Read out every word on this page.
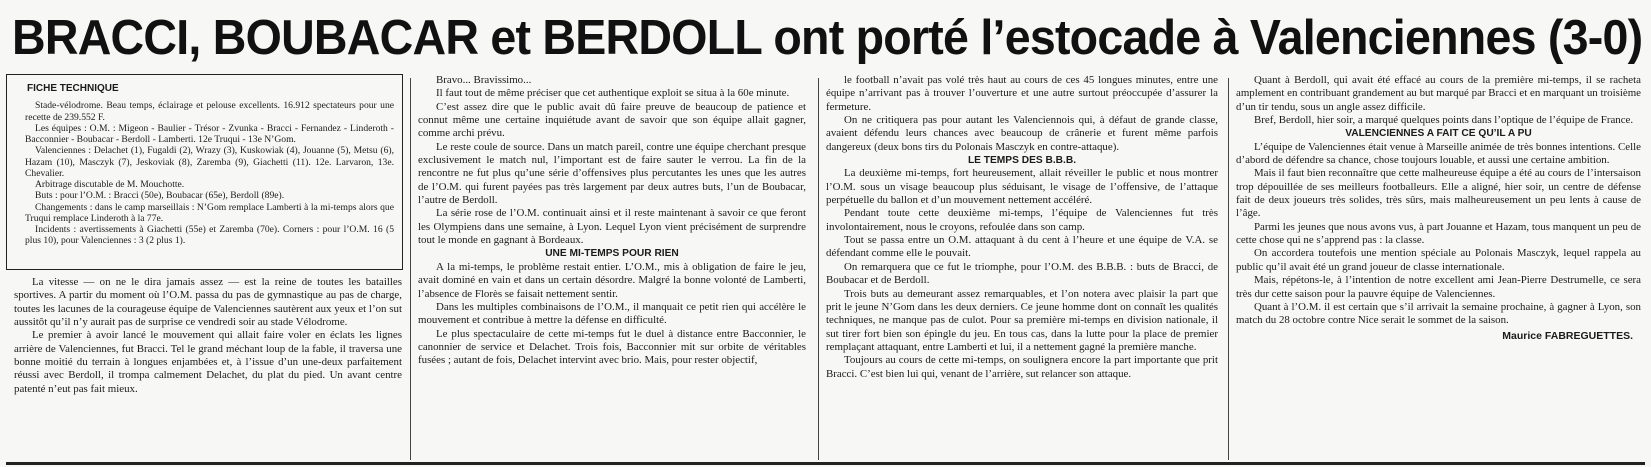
BRACCI, BOUBACAR et BERDOLL ont porté l’estocade à Valenciennes (3-0)
FICHE TECHNIQUE

Stade-vélodrome. Beau temps, éclairage et pelouse excellents. 16.912 spectateurs pour une recette de 239.552 F.

Les équipes : O.M. : Migeon - Baulier - Trésor - Zvunka - Bracci - Fernandez - Linderoth - Bacconnier - Boubacar - Berdoll - Lamberti. 12e Truqui - 13e N’Gom.

Valenciennes : Delachet (1), Fugaldi (2), Wrazy (3), Kuskowiak (4), Jouanne (5), Metsu (6), Hazam (10), Masczyk (7), Jeskoviak (8), Zaremba (9), Giachetti (11). 12e. Larvaron, 13e. Chevalier.

Arbitrage discutable de M. Mouchotte.

Buts : pour l’O.M. : Bracci (50e), Boubacar (65e), Berdoll (89e).

Changements : dans le camp marseillais : N’Gom remplace Lamberti à la mi-temps alors que Truqui remplace Linderoth à la 77e.

Incidents : avertissements à Giachetti (55e) et Zaremba (70e). Corners : pour l’O.M. 16 (5 plus 10), pour Valenciennes : 3 (2 plus 1).

La vitesse — on ne le dira jamais assez — est la reine de toutes les batailles sportives. A partir du moment où l’O.M. passa du pas de gymnastique au pas de charge, toutes les lacunes de la courageuse équipe de Valenciennes sautèrent aux yeux et l’on sut aussitôt qu’il n’y aurait pas de surprise ce vendredi soir au stade Vélodrome.

Le premier à avoir lancé le mouvement qui allait faire voler en éclats les lignes arrière de Valenciennes, fut Bracci. Tel le grand méchant loup de la fable, il traversa une bonne moitié du terrain à longues enjambées et, à l’issue d’un une-deux parfaitement réussi avec Berdoll, il trompa calmement Delachet, du plat du pied. Un avant centre patenté n’eut pas fait mieux.

Bravo... Bravissimo...

Il faut tout de même préciser que cet authentique exploit se situa à la 60e minute.

C’est assez dire que le public avait dû faire preuve de beaucoup de patience et connut même une certaine inquiétude avant de savoir que son équipe allait gagner, comme archi prévu.

Le reste coule de source. Dans un match pareil, contre une équipe cherchant presque exclusivement le match nul, l’important est de faire sauter le verrou. La fin de la rencontre ne fut plus qu’une série d’offensives plus percutantes les unes que les autres de l’O.M. qui furent payées pas très largement par deux autres buts, l’un de Boubacar, l’autre de Berdoll.

La série rose de l’O.M. continuait ainsi et il reste maintenant à savoir ce que feront les Olympiens dans une semaine, à Lyon. Lequel Lyon vient précisément de surprendre tout le monde en gagnant à Bordeaux.

UNE MI-TEMPS POUR RIEN

A la mi-temps, le problème restait entier. L’O.M., mis à obligation de faire le jeu, avait dominé en vain et dans un certain désordre. Malgré la bonne volonté de Lamberti, l’absence de Florès se faisait nettement sentir.

Dans les multiples combinaisons de l’O.M., il manquait ce petit rien qui accélère le mouvement et contribue à mettre la défense en difficulté.

Le plus spectaculaire de cette mi-temps fut le duel à distance entre Bacconnier, le canonnier de service et Delachet. Trois fois, Bacconnier mit sur orbite de véritables fusées ; autant de fois, Delachet intervint avec brio. Mais, pour rester objectif,

le football n’avait pas volé très haut au cours de ces 45 longues minutes, entre une équipe n’arrivant pas à trouver l’ouverture et une autre surtout préoccupée d’assurer la fermeture.

On ne critiquera pas pour autant les Valenciennois qui, à défaut de grande classe, avaient défendu leurs chances avec beaucoup de crânerie et furent même parfois dangereux (deux bons tirs du Polonais Masczyk en contre-attaque).

LE TEMPS DES B.B.B.

La deuxième mi-temps, fort heureusement, allait réveiller le public et nous montrer l’O.M. sous un visage beaucoup plus séduisant, le visage de l’offensive, de l’attaque perpétuelle du ballon et d’un mouvement nettement accéléré.

Pendant toute cette deuxième mi-temps, l’équipe de Valenciennes fut très involontairement, nous le croyons, refoulée dans son camp.

Tout se passa entre un O.M. attaquant à du cent à l’heure et une équipe de V.A. se défendant comme elle le pouvait.

On remarquera que ce fut le triomphe, pour l’O.M. des B.B.B. : buts de Bracci, de Boubacar et de Berdoll.

Trois buts au demeurant assez remarquables, et l’on notera avec plaisir la part que prit le jeune N’Gom dans les deux derniers. Ce jeune homme dont on connaît les qualités techniques, ne manque pas de culot. Pour sa première mi-temps en division nationale, il sut tirer fort bien son épingle du jeu. En tous cas, dans la lutte pour la place de premier remplaçant attaquant, entre Lamberti et lui, il a nettement gagné la première manche.

Toujours au cours de cette mi-temps, on soulignera encore la part importante que prit Bracci. C’est bien lui qui, venant de l’arrière, sut relancer son attaque.

Quant à Berdoll, qui avait été effacé au cours de la première mi-temps, il se racheta amplement en contribuant grandement au but marqué par Bracci et en marquant un troisième d’un tir tendu, sous un angle assez difficile.

Bref, Berdoll, hier soir, a marqué quelques points dans l’optique de l’équipe de France.

VALENCIENNES A FAIT CE QU’IL A PU

L’équipe de Valenciennes était venue à Marseille animée de très bonnes intentions. Celle d’abord de défendre sa chance, chose toujours louable, et aussi une certaine ambition.

Mais il faut bien reconnaître que cette malheureuse équipe a été au cours de l’intersaison trop dépouillée de ses meilleurs footballeurs. Elle a aligné, hier soir, un centre de défense fait de deux joueurs très solides, très sûrs, mais malheureusement un peu lents à cause de l’âge.

Parmi les jeunes que nous avons vus, à part Jouanne et Hazam, tous manquent un peu de cette chose qui ne s’apprend pas : la classe.

On accordera toutefois une mention spéciale au Polonais Masczyk, lequel rappela au public qu’il avait été un grand joueur de classe internationale.

Mais, répétons-le, à l’intention de notre excellent ami Jean-Pierre Destrumelle, ce sera très dur cette saison pour la pauvre équipe de Valenciennes.

Quant à l’O.M. il est certain que s’il arrivait la semaine prochaine, à gagner à Lyon, son match du 28 octobre contre Nice serait le sommet de la saison.

Maurice FABREGUETTES.
